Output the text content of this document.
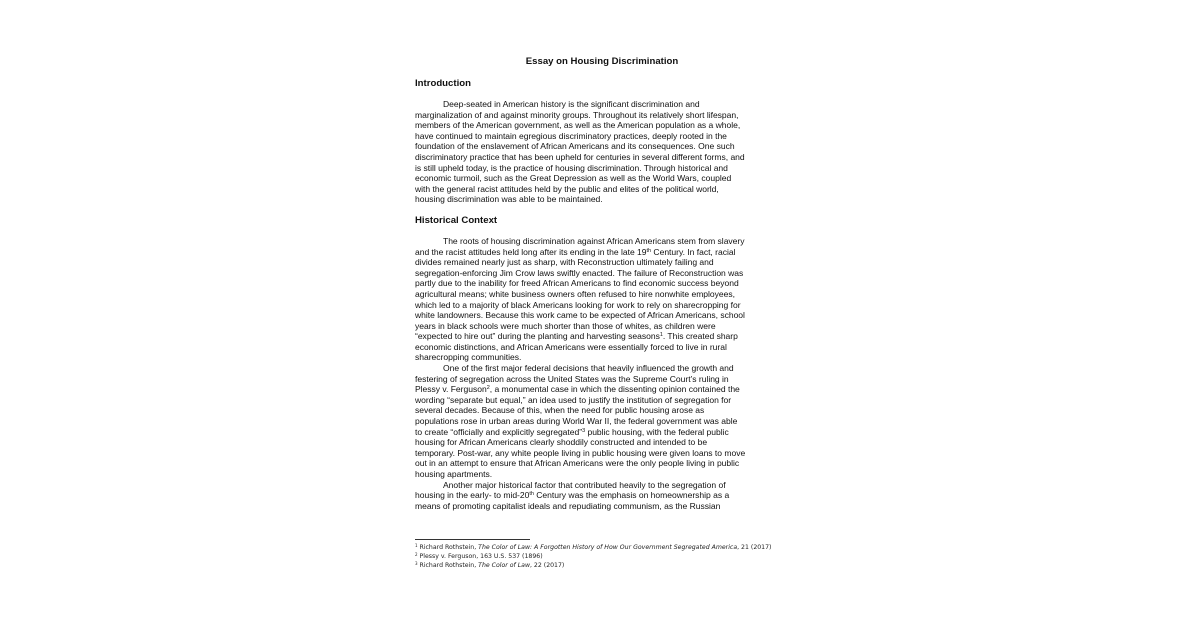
Essay on Housing Discrimination
Introduction
Deep-seated in American history is the significant discrimination and
marginalization of and against minority groups. Throughout its relatively short lifespan,
members of the American government, as well as the American population as a whole,
have continued to maintain egregious discriminatory practices, deeply rooted in the
foundation of the enslavement of African Americans and its consequences. One such
discriminatory practice that has been upheld for centuries in several different forms, and
is still upheld today, is the practice of housing discrimination. Through historical and
economic turmoil, such as the Great Depression as well as the World Wars, coupled
with the general racist attitudes held by the public and elites of the political world,
housing discrimination was able to be maintained.
Historical Context
The roots of housing discrimination against African Americans stem from slavery
and the racist attitudes held long after its ending in the late 19th Century. In fact, racial
divides remained nearly just as sharp, with Reconstruction ultimately failing and
segregation-enforcing Jim Crow laws swiftly enacted. The failure of Reconstruction was
partly due to the inability for freed African Americans to find economic success beyond
agricultural means; white business owners often refused to hire nonwhite employees,
which led to a majority of black Americans looking for work to rely on sharecropping for
white landowners. Because this work came to be expected of African Americans, school
years in black schools were much shorter than those of whites, as children were
“expected to hire out” during the planting and harvesting seasons$^1$. This created sharp
economic distinctions, and African Americans were essentially forced to live in rural
sharecropping communities.
One of the first major federal decisions that heavily influenced the growth and
festering of segregation across the United States was the Supreme Court’s ruling in
Plessy v. Ferguson$^2$, a monumental case in which the dissenting opinion contained the
wording “separate but equal,” an idea used to justify the institution of segregation for
several decades. Because of this, when the need for public housing arose as
populations rose in urban areas during World War II, the federal government was able
to create “officially and explicitly segregated”$^3$ public housing, with the federal public
housing for African Americans clearly shoddily constructed and intended to be
temporary. Post-war, any white people living in public housing were given loans to move
out in an attempt to ensure that African Americans were the only people living in public
housing apartments.
Another major historical factor that contributed heavily to the segregation of
housing in the early- to mid-20th Century was the emphasis on homeownership as a
means of promoting capitalist ideals and repudiating communism, as the Russian
$^1$ Richard Rothstein, The Color of Law: A Forgotten History of How Our Government Segregated America, 21 (2017)
$^2$ Plessy v. Ferguson, 163 U.S. 537 (1896)
$^3$ Richard Rothstein, The Color of Law, 22 (2017)
